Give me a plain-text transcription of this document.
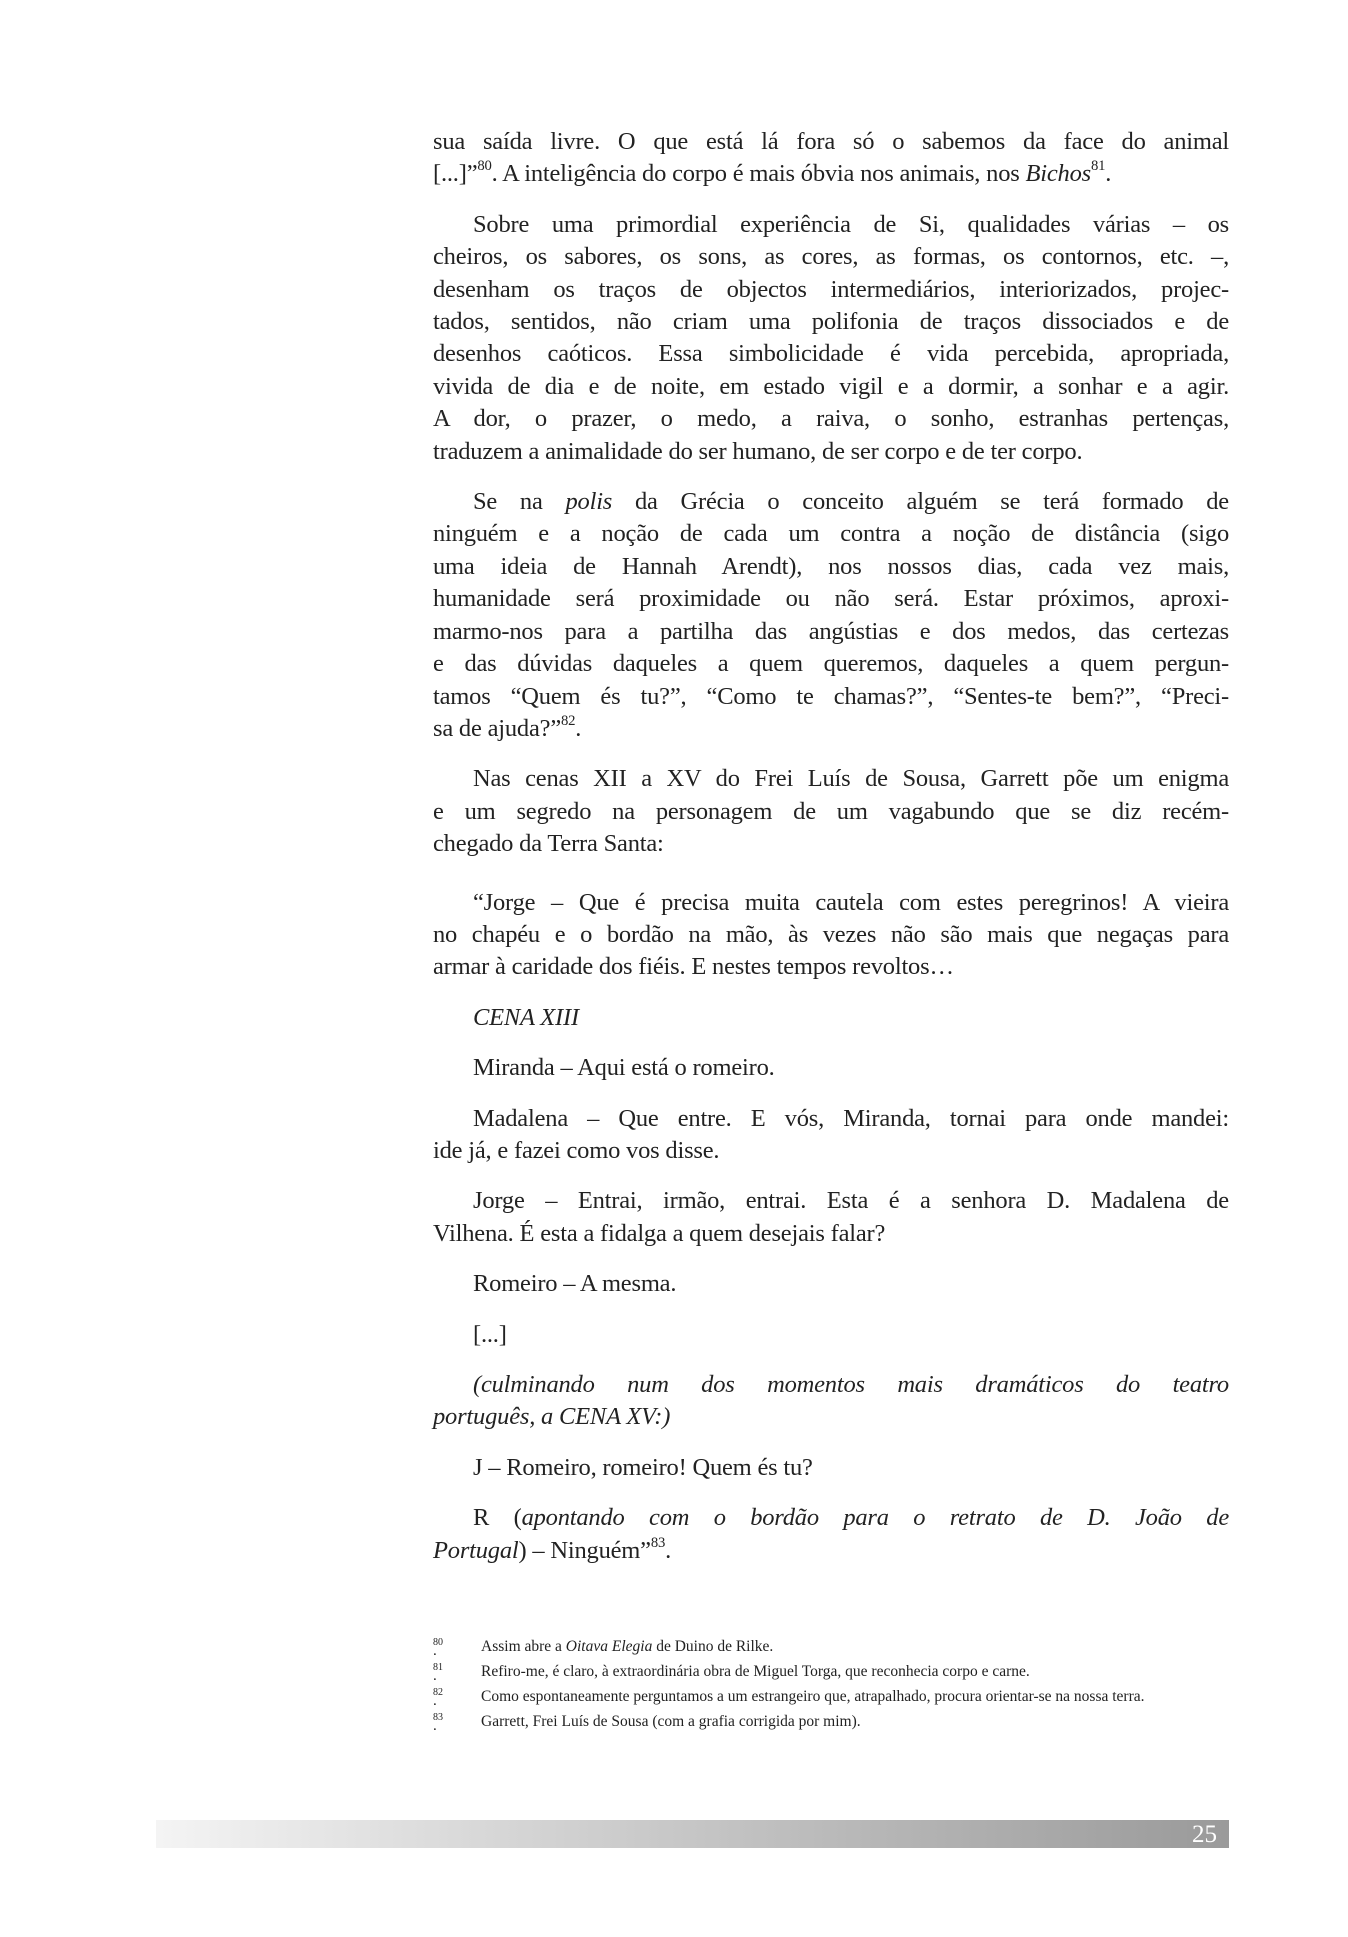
sua saída livre. O que está lá fora só o sabemos da face do animal
[...]”$^{80}$. A inteligência do corpo é mais óbvia nos animais, nos Bichos$^{81}$.
Sobre uma primordial experiência de Si, qualidades várias – os
cheiros, os sabores, os sons, as cores, as formas, os contornos, etc. –,
desenham os traços de objectos intermediários, interiorizados, projec-
tados, sentidos, não criam uma polifonia de traços dissociados e de
desenhos caóticos. Essa simbolicidade é vida percebida, apropriada,
vivida de dia e de noite, em estado vigil e a dormir, a sonhar e a agir.
A dor, o prazer, o medo, a raiva, o sonho, estranhas pertenças,
traduzem a animalidade do ser humano, de ser corpo e de ter corpo.
Se na polis da Grécia o conceito alguém se terá formado de
ninguém e a noção de cada um contra a noção de distância (sigo
uma ideia de Hannah Arendt), nos nossos dias, cada vez mais,
humanidade será proximidade ou não será. Estar próximos, aproxi-
marmo-nos para a partilha das angústias e dos medos, das certezas
e das dúvidas daqueles a quem queremos, daqueles a quem pergun-
tamos “Quem és tu?”, “Como te chamas?”, “Sentes-te bem?”, “Preci-
sa de ajuda?”$^{82}$.
Nas cenas XII a XV do Frei Luís de Sousa, Garrett põe um enigma
e um segredo na personagem de um vagabundo que se diz recém-
chegado da Terra Santa:
“Jorge – Que é precisa muita cautela com estes peregrinos! A vieira
no chapéu e o bordão na mão, às vezes não são mais que negaças para
armar à caridade dos fiéis. E nestes tempos revoltos…
CENA XIII
Miranda – Aqui está o romeiro.
Madalena – Que entre. E vós, Miranda, tornai para onde mandei:
ide já, e fazei como vos disse.
Jorge – Entrai, irmão, entrai. Esta é a senhora D. Madalena de
Vilhena. É esta a fidalga a quem desejais falar?
Romeiro – A mesma.
[...]
(culminando num dos momentos mais dramáticos do teatro
português, a CENA XV:)
J – Romeiro, romeiro! Quem és tu?
R (apontando com o bordão para o retrato de D. João de
Portugal) – Ninguém”$^{83}$.
80 . Assim abre a Oitava Elegia de Duino de Rilke.
81 . Refiro-me, é claro, à extraordinária obra de Miguel Torga, que reconhecia corpo e carne.
82 . Como espontaneamente perguntamos a um estrangeiro que, atrapalhado, procura orientar-se na nossa terra.
83 . Garrett, Frei Luís de Sousa (com a grafia corrigida por mim).
25
